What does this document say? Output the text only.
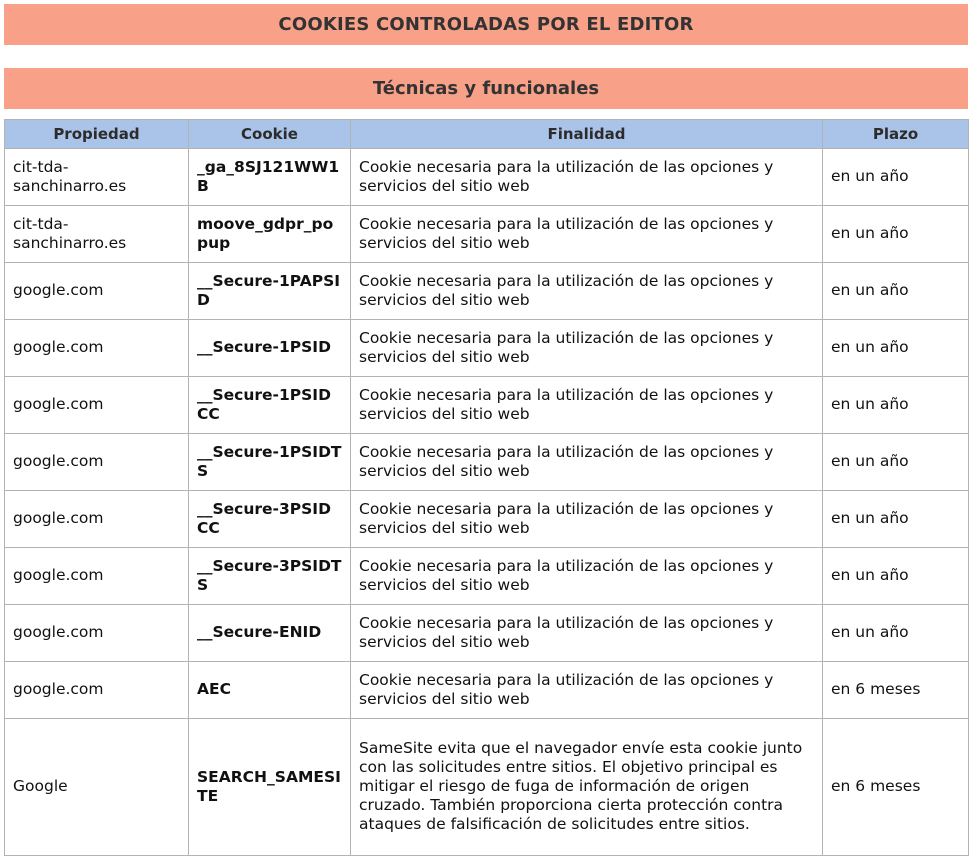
COOKIES CONTROLADAS POR EL EDITOR
Técnicas y funcionales
Propiedad	Cookie	Finalidad	Plazo
cit-tda-sanchinarro.es	_ga_8SJ121WW1B	Cookie necesaria para la utilización de las opciones y servicios del sitio web	en un año
cit-tda-sanchinarro.es	moove_gdpr_popup	Cookie necesaria para la utilización de las opciones y servicios del sitio web	en un año
google.com	__Secure-1PAPSID	Cookie necesaria para la utilización de las opciones y servicios del sitio web	en un año
google.com	__Secure-1PSID	Cookie necesaria para la utilización de las opciones y servicios del sitio web	en un año
google.com	__Secure-1PSIDCC	Cookie necesaria para la utilización de las opciones y servicios del sitio web	en un año
google.com	__Secure-1PSIDTS	Cookie necesaria para la utilización de las opciones y servicios del sitio web	en un año
google.com	__Secure-3PSIDCC	Cookie necesaria para la utilización de las opciones y servicios del sitio web	en un año
google.com	__Secure-3PSIDTS	Cookie necesaria para la utilización de las opciones y servicios del sitio web	en un año
google.com	__Secure-ENID	Cookie necesaria para la utilización de las opciones y servicios del sitio web	en un año
google.com	AEC	Cookie necesaria para la utilización de las opciones y servicios del sitio web	en 6 meses
Google	SEARCH_SAMESITE	SameSite evita que el navegador envíe esta cookie junto con las solicitudes entre sitios. El objetivo principal es mitigar el riesgo de fuga de información de origen cruzado. También proporciona cierta protección contra ataques de falsificación de solicitudes entre sitios.	en 6 meses
